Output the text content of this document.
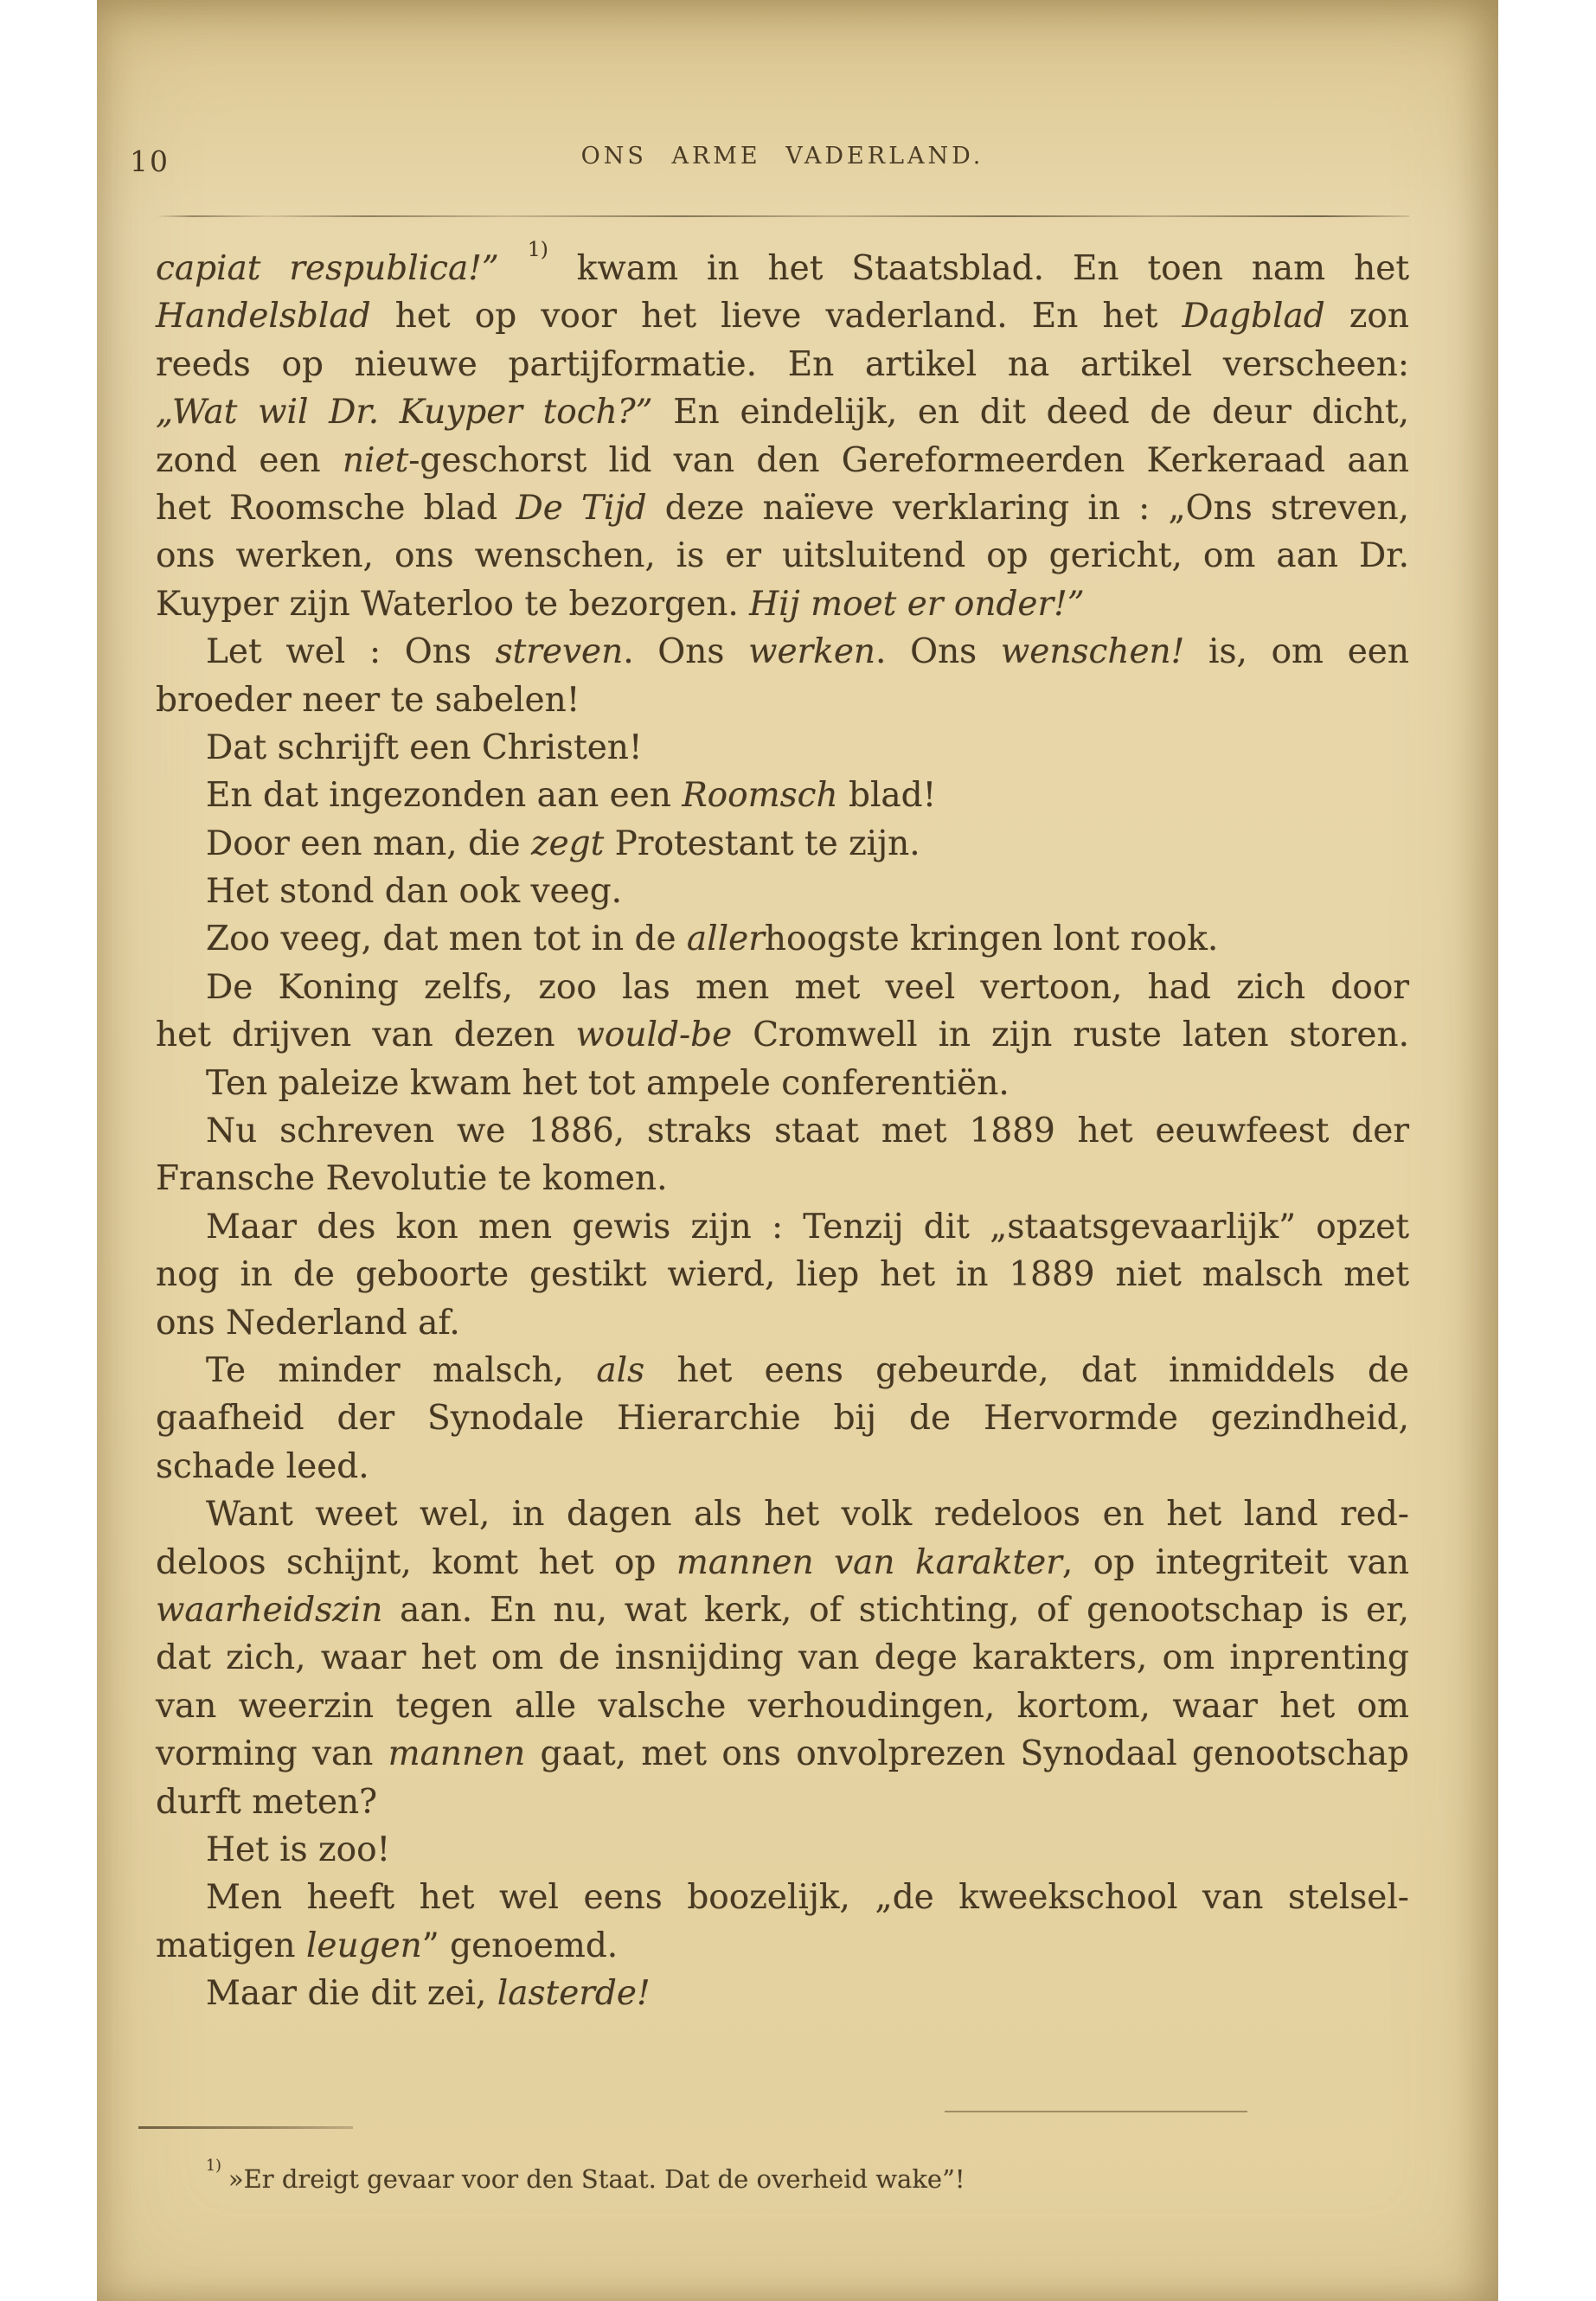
10	ONS ARME VADERLAND.
capiat respublica!” $^{1)}$ kwam in het Staatsblad. En toen nam het
Handelsblad het op voor het lieve vaderland. En het Dagblad zon
reeds op nieuwe partijformatie. En artikel na artikel verscheen:
„Wat wil Dr. Kuyper toch?” En eindelijk, en dit deed de deur dicht,
zond een niet-geschorst lid van den Gereformeerden Kerkeraad aan
het Roomsche blad De Tijd deze naïeve verklaring in : „Ons streven,
ons werken, ons wenschen, is er uitsluitend op gericht, om aan Dr.
Kuyper zijn Waterloo te bezorgen. Hij moet er onder!”
Let wel : Ons streven. Ons werken. Ons wenschen! is, om een
broeder neer te sabelen!
Dat schrijft een Christen!
En dat ingezonden aan een Roomsch blad!
Door een man, die zegt Protestant te zijn.
Het stond dan ook veeg.
Zoo veeg, dat men tot in de allerhoogste kringen lont rook.
De Koning zelfs, zoo las men met veel vertoon, had zich door
het drijven van dezen would-be Cromwell in zijn ruste laten storen.
Ten paleize kwam het tot ampele conferentiën.
Nu schreven we 1886, straks staat met 1889 het eeuwfeest der
Fransche Revolutie te komen.
Maar des kon men gewis zijn : Tenzij dit „staatsgevaarlijk” opzet
nog in de geboorte gestikt wierd, liep het in 1889 niet malsch met
ons Nederland af.
Te minder malsch, als het eens gebeurde, dat inmiddels de
gaafheid der Synodale Hierarchie bij de Hervormde gezindheid,
schade leed.
Want weet wel, in dagen als het volk redeloos en het land red-
deloos schijnt, komt het op mannen van karakter, op integriteit van
waarheidszin aan. En nu, wat kerk, of stichting, of genootschap is er,
dat zich, waar het om de insnijding van dege karakters, om inprenting
van weerzin tegen alle valsche verhoudingen, kortom, waar het om
vorming van mannen gaat, met ons onvolprezen Synodaal genootschap
durft meten?
Het is zoo!
Men heeft het wel eens boozelijk, „de kweekschool van stelsel-
matigen leugen” genoemd.
Maar die dit zei, lasterde!
$^{1)}$ »Er dreigt gevaar voor den Staat. Dat de overheid wake”!
